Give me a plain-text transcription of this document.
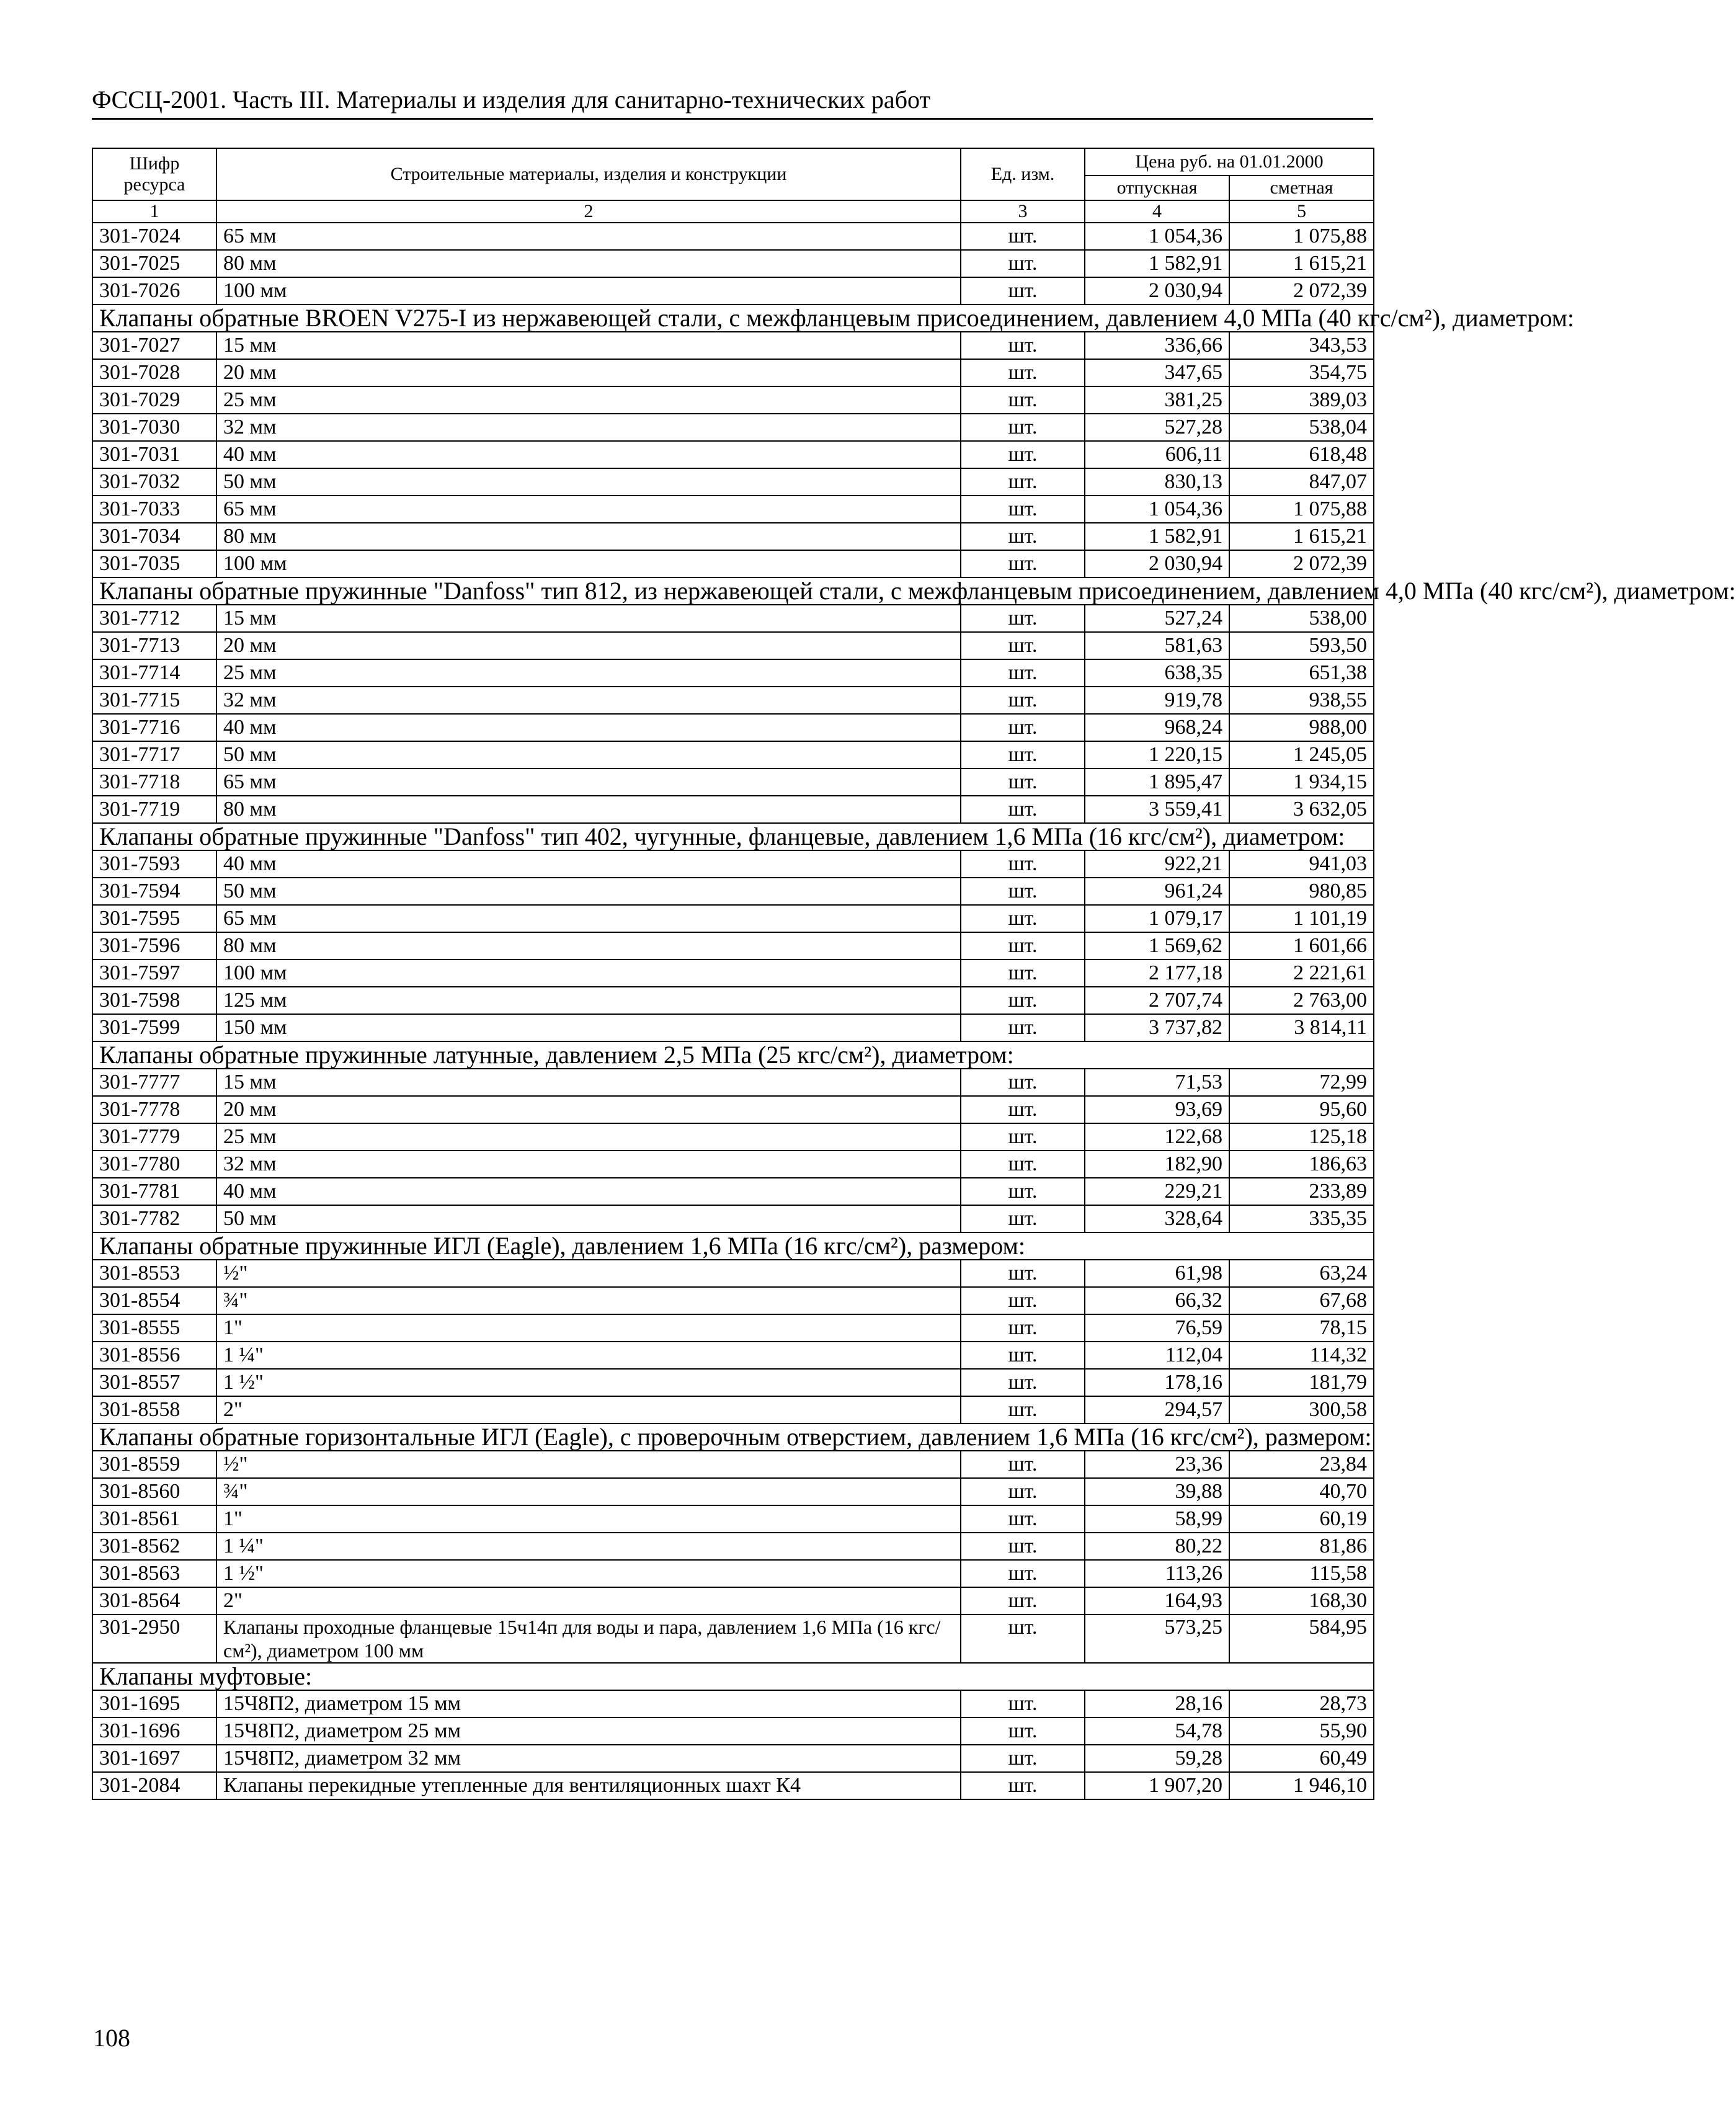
ФССЦ-2001. Часть III. Материалы и изделия для санитарно-технических работ
Шифр ресурса	Строительные материалы, изделия и конструкции	Ед. изм.	Цена руб. на 01.01.2000	
			отпускная	сметная
1	2	3	4	5
301-7024	65 мм	шт.	1 054,36	1 075,88
301-7025	80 мм	шт.	1 582,91	1 615,21
301-7026	100 мм	шт.	2 030,94	2 072,39
Клапаны обратные BROEN V275-I из нержавеющей стали, с межфланцевым присоединением, давлением 4,0 МПа (40 кгс/см²), диаметром:				
301-7027	15 мм	шт.	336,66	343,53
301-7028	20 мм	шт.	347,65	354,75
301-7029	25 мм	шт.	381,25	389,03
301-7030	32 мм	шт.	527,28	538,04
301-7031	40 мм	шт.	606,11	618,48
301-7032	50 мм	шт.	830,13	847,07
301-7033	65 мм	шт.	1 054,36	1 075,88
301-7034	80 мм	шт.	1 582,91	1 615,21
301-7035	100 мм	шт.	2 030,94	2 072,39
Клапаны обратные пружинные "Danfoss" тип 812, из нержавеющей стали, с межфланцевым присоединением, давлением 4,0 МПа (40 кгс/см²), диаметром:				
301-7712	15 мм	шт.	527,24	538,00
301-7713	20 мм	шт.	581,63	593,50
301-7714	25 мм	шт.	638,35	651,38
301-7715	32 мм	шт.	919,78	938,55
301-7716	40 мм	шт.	968,24	988,00
301-7717	50 мм	шт.	1 220,15	1 245,05
301-7718	65 мм	шт.	1 895,47	1 934,15
301-7719	80 мм	шт.	3 559,41	3 632,05
Клапаны обратные пружинные "Danfoss" тип 402, чугунные, фланцевые, давлением 1,6 МПа (16 кгс/см²), диаметром:				
301-7593	40 мм	шт.	922,21	941,03
301-7594	50 мм	шт.	961,24	980,85
301-7595	65 мм	шт.	1 079,17	1 101,19
301-7596	80 мм	шт.	1 569,62	1 601,66
301-7597	100 мм	шт.	2 177,18	2 221,61
301-7598	125 мм	шт.	2 707,74	2 763,00
301-7599	150 мм	шт.	3 737,82	3 814,11
Клапаны обратные пружинные латунные, давлением 2,5 МПа (25 кгс/см²), диаметром:				
301-7777	15 мм	шт.	71,53	72,99
301-7778	20 мм	шт.	93,69	95,60
301-7779	25 мм	шт.	122,68	125,18
301-7780	32 мм	шт.	182,90	186,63
301-7781	40 мм	шт.	229,21	233,89
301-7782	50 мм	шт.	328,64	335,35
Клапаны обратные пружинные ИГЛ (Eagle), давлением 1,6 МПа (16 кгс/см²), размером:				
301-8553	½"	шт.	61,98	63,24
301-8554	¾"	шт.	66,32	67,68
301-8555	1"	шт.	76,59	78,15
301-8556	1 ¼"	шт.	112,04	114,32
301-8557	1 ½"	шт.	178,16	181,79
301-8558	2"	шт.	294,57	300,58
Клапаны обратные горизонтальные ИГЛ (Eagle), с проверочным отверстием, давлением 1,6 МПа (16 кгс/см²), размером:				
301-8559	½"	шт.	23,36	23,84
301-8560	¾"	шт.	39,88	40,70
301-8561	1"	шт.	58,99	60,19
301-8562	1 ¼"	шт.	80,22	81,86
301-8563	1 ½"	шт.	113,26	115,58
301-8564	2"	шт.	164,93	168,30
301-2950	Клапаны проходные фланцевые 15ч14п для воды и пара, давлением 1,6 МПа (16 кгс/см²), диаметром 100 мм	шт.	573,25	584,95
Клапаны муфтовые:				
301-1695	15Ч8П2, диаметром 15 мм	шт.	28,16	28,73
301-1696	15Ч8П2, диаметром 25 мм	шт.	54,78	55,90
301-1697	15Ч8П2, диаметром 32 мм	шт.	59,28	60,49
301-2084	Клапаны перекидные утепленные для вентиляционных шахт К4	шт.	1 907,20	1 946,10
108
